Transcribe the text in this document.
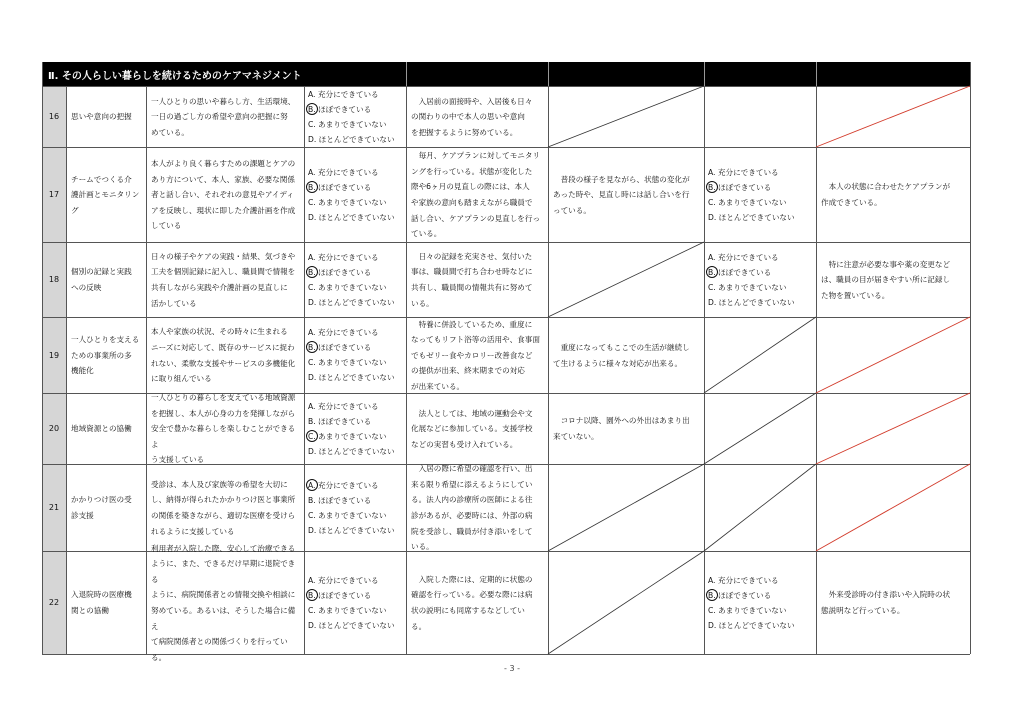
Ⅱ. その人らしい暮らしを続けるためのケアマネジメント
16 思いや意向の把握
一人ひとりの思いや暮らし方、生活環境、
一日の過ごし方の希望や意向の把握に努
めている。
A. 充分にできている
B. ほぼできている
C. あまりできていない
D. ほとんどできていない
　入居前の面接時や、入居後も日々
の関わりの中で本人の思いや意向
を把握するように努めている。
17
チームでつくる介
護計画とモニタリン
グ
本人がより良く暮らすための課題とケアの
あり方について、本人、家族、必要な関係
者と話し合い、それぞれの意見やアイディ
アを反映し、現状に即した介護計画を作成
している
A. 充分にできている
B. ほぼできている
C. あまりできていない
D. ほとんどできていない
　毎月、ケアプランに対してモニタリ
ングを行っている。状態が変化した
際や6ヶ月の見直しの際には、本人
や家族の意向も踏まえながら職員で
話し合い、ケアプランの見直しを行っ
ている。
　普段の様子を見ながら、状態の変化が
あった時や、見直し時には話し合いを行
っている。
A. 充分にできている
B. ほぼできている
C. あまりできていない
D. ほとんどできていない
　本人の状態に合わせたケアプランが
作成できている。
18
個別の記録と実践
への反映
日々の様子やケアの実践・結果、気づきや
工夫を個別記録に記入し、職員間で情報を
共有しながら実践や介護計画の見直しに
活かしている
A. 充分にできている
B. ほぼできている
C. あまりできていない
D. ほとんどできていない
　日々の記録を充実させ、気付いた
事は、職員間で打ち合わせ時などに
共有し、職員間の情報共有に努めて
いる。
A. 充分にできている
B. ほぼできている
C. あまりできていない
D. ほとんどできていない
　特に注意が必要な事や薬の変更など
は、職員の目が届きやすい所に記録し
た物を置いている。
19
一人ひとりを支える
ための事業所の多
機能化
本人や家族の状況、その時々に生まれる
ニーズに対応して、既存のサービスに捉わ
れない、柔軟な支援やサービスの多機能化
に取り組んでいる
A. 充分にできている
B. ほぼできている
C. あまりできていない
D. ほとんどできていない
　特養に併設しているため、重度に
なってもリフト浴等の活用や、食事面
でもゼリー食やカロリー改善食など
の提供が出来、終末期までの対応
が出来ている。
　重度になってもここでの生活が継続し
て生けるように様々な対応が出来る。
20 地域資源との協働
一人ひとりの暮らしを支えている地域資源
を把握し、本人が心身の力を発揮しながら
安全で豊かな暮らしを楽しむことができるよ
う支援している
A. 充分にできている
B. ほぼできている
C. あまりできていない
D. ほとんどできていない
　法人としては、地域の運動会や文
化展などに参加している。支援学校
などの実習も受け入れている。
　コロナ以降、園外への外出はあまり出
来ていない。
21
かかりつけ医の受
診支援
受診は、本人及び家族等の希望を大切に
し、納得が得られたかかりつけ医と事業所
の関係を築きながら、適切な医療を受けら
れるように支援している
A. 充分にできている
B. ほぼできている
C. あまりできていない
D. ほとんどできていない
　入居の際に希望の確認を行い、出
来る限り希望に添えるようにしてい
る。法人内の診療所の医師による往
診があるが、必要時には、外部の病
院を受診し、職員が付き添いをして
いる。
22
入退院時の医療機
関との協働
利用者が入院した際、安心して治療できる
ように、また、できるだけ早期に退院できる
ように、病院関係者との情報交換や相談に
努めている。あるいは、そうした場合に備え
て病院関係者との関係づくりを行っている。
A. 充分にできている
B. ほぼできている
C. あまりできていない
D. ほとんどできていない
　入院した際には、定期的に状態の
確認を行っている。必要な際には病
状の説明にも同席するなどしてい
る。
A. 充分にできている
B. ほぼできている
C. あまりできていない
D. ほとんどできていない
　外来受診時の付き添いや入院時の状
態説明など行っている。
- 3 -
